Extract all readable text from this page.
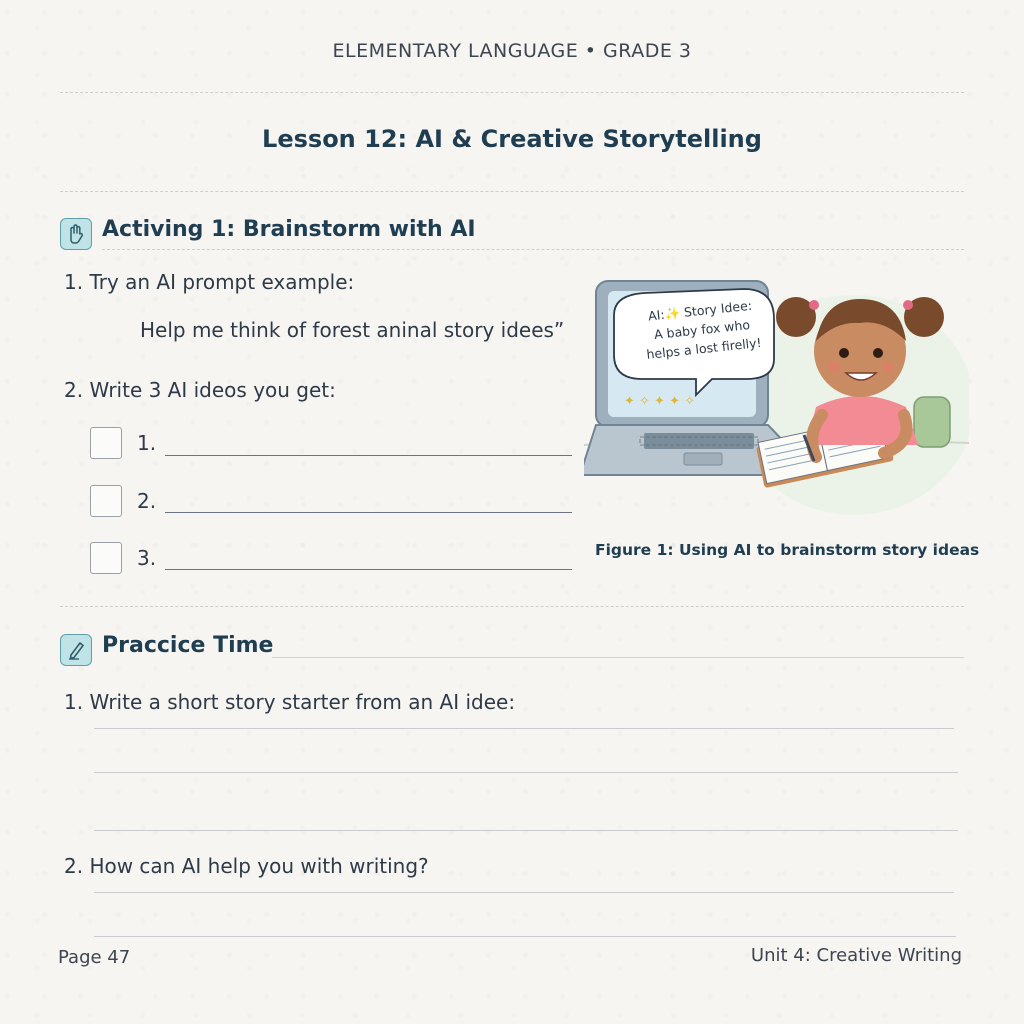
ELEMENTARY LANGUAGE • GRADE 3
Lesson 12: AI & Creative Storytelling
Activing 1: Brainstorm with AI
1. Try an AI prompt example:
Help me think of forest aninal story idees”
2. Write 3 AI ideos you get:
1.
2.
3.
✦ ✧ ✦ ✦ ✧
AI:✨ Story Idee:
A baby fox who
helps a lost firelly!
Figure 1: Using AI to brainstorm story ideas
Praccice Time
1. Write a short story starter from an AI idee:
2. How can AI help you with writing?
Page 47	Unit 4: Creative Writing
